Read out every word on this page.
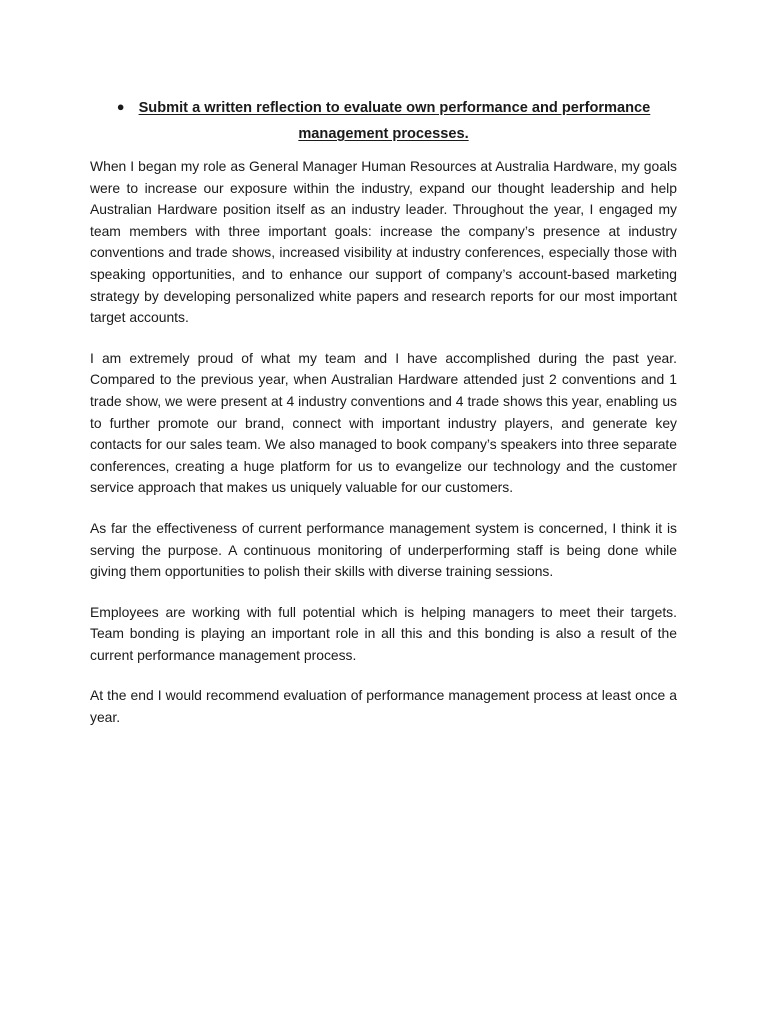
● Submit a written reflection to evaluate own performance and performance management processes.

When I began my role as General Manager Human Resources at Australia Hardware, my goals were to increase our exposure within the industry, expand our thought leadership and help Australian Hardware position itself as an industry leader. Throughout the year, I engaged my team members with three important goals: increase the company’s presence at industry conventions and trade shows, increased visibility at industry conferences, especially those with speaking opportunities, and to enhance our support of company’s account-based marketing strategy by developing personalized white papers and research reports for our most important target accounts.

I am extremely proud of what my team and I have accomplished during the past year. Compared to the previous year, when Australian Hardware attended just 2 conventions and 1 trade show, we were present at 4 industry conventions and 4 trade shows this year, enabling us to further promote our brand, connect with important industry players, and generate key contacts for our sales team. We also managed to book company’s speakers into three separate conferences, creating a huge platform for us to evangelize our technology and the customer service approach that makes us uniquely valuable for our customers.

As far the effectiveness of current performance management system is concerned, I think it is serving the purpose. A continuous monitoring of underperforming staff is being done while giving them opportunities to polish their skills with diverse training sessions.

Employees are working with full potential which is helping managers to meet their targets. Team bonding is playing an important role in all this and this bonding is also a result of the current performance management process.

At the end I would recommend evaluation of performance management process at least once a year.
